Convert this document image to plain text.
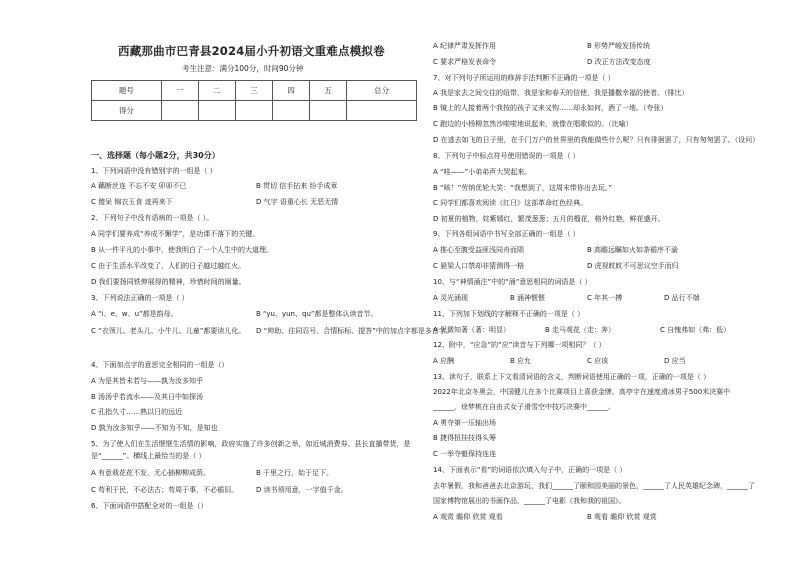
西藏那曲市巴青县2024届小升初语文重难点模拟卷
考生注意：满分100分，时间90分钟
题号	一	二	三	四	五	总分
得分						
一、选择题（每小题2分，共30分）
1、下列词语中没有错别字的一组是（ ）
A 藕断丝连 不忘不安 卯卯不已	B 贯切 信手拈来 纷手成章
C 傻呆 锦衣玉食 迹再来下	D 气宇 语重心长 无恶无情
2、下列句子中没有语病的一项是（ ）。
A 同学们要养成“养成不懈学”，是功课不落下的关键。
B 从一件平凡的小事中，使我明白了一个人生中的大道理。
C 由于生活水平改变了，人们的日子越过越红火。
D 我们要扬同铁伸展得的精神，珍惜时间的阐量。
3、下列说法正确的一项是（ ）
A “i、e、w、u”都是韵母。	B “yu、yun、qu”都是整体认读音节。
C “衣领儿、老头儿、小牛儿、儿童”都要读儿化。 D “帅助、往同忍号、合情标标、提答”中的加点字都是多音字。
4、下面加点字的意思完全相同的一组是（）
A 为是其皆未若与——孰为汝多知乎
B 汤汤乎若流水——及其日中如探汤
C 孔指久寸……熟以日的远近
D 孰为汝多知乎——不知为不知，是知也
5、为了使人们在生活惬惬生活情的影响，政府实施了许多创新之举，如近城消费券、县长直播带货，是
是“______”。横线上最恰当的是（ ）
A 有意栽花花不发，无心插柳柳成荫。	B 千里之行，始于足下。
C 苟利于民，不必法古；苟周于事，不必循旧。	D 读书须用意，一字值千金。
6、下面词语中搭配全对的一组是（）
A 纪律严肃发挥作用	B 形势严峻发扬传统
C 要求严格发表命令	D 改正方法改变态度
7、对下列句子所运用的修辞手法判断不正确的一项是（ ）
A 我是家去之间交往的纽带，我是家和春天的信使，我是播撒幸福的使者。（排比）
B 镜上的人接着两个我按的孩子又来又钩……却永如何，酒了一地。（夸张）
C 跑边的小杨柳忽然沙啦啦地说起来，就像在唱歌似的。（比喻）
D 在逃去如飞的日子里，在千门万户的世界里的我能做些什么呢？只有徘徊罢了，只有匆匆罢了。（设问）
8、下列句子中标点符号使用错误的一项是（ ）
A “哇——”小弟弟声大哭起来。
B “咳！”劳纳优轮大笑：“我想到了，这周末带你出去玩。”
C 同学们都喜欢阅读《红日》这部革命红色经典。
D 初夏的植物，姹紫嫣红，繁茂葱葱；五月的榴花，格外红艳，鲜花盛开。
9、下列各组词语中书写全部正确的一组是（ ）
A 推心至腹受益匪浅同舟而陨	B 高瞻远瞩如火如荼循序不渝
C 悬梁人口禁却非猜测得一格	D 虎视眈眈不可思议空手而归
10、与“神情涌注”中的“涌”意思相同的词语是（ ）
A 灵光涌现	B 涌神惬惬	C 年其一搏	D 品行不端
11、下列加下划线的字解释不正确的一项是（ ）
A 见微知著（著：明显）	B 走马观花（走：奔）	C 自愧弗如（弗：低）
12、附中，“应急”的“应”读音与下列哪一项相同？（ ）
A 应酬	B 应允	C 应该	D 应当
13、读句子，联系上下文看清词语的含义，判断词语使用正确的一项，正确的一项是（ ）
2022年北京冬奥会，中国健儿在多个比赛项目上喜获金牌，高亭宇在速度滑冰男子500米决赛中
______，徐梦桃在自由式女子滑雪空中技巧决赛中______。
A 勇夺第一压轴出场
B 捷得扭挂技得头筹
C 一举夺魁保持连连
14、下面表示“看”的词语依次填入句子中，正确的一项是（ ）
去年暑假，我和爸爸去北京游玩，我们______了颐和园美丽的景色，______了人民英雄纪念碑，______了
国家博物馆展出的书画作品，______了电影《我和我的祖国》。
A 观赏 瞻仰 欣赏 观看	B 观看 瞻仰 欣赏 观赏
